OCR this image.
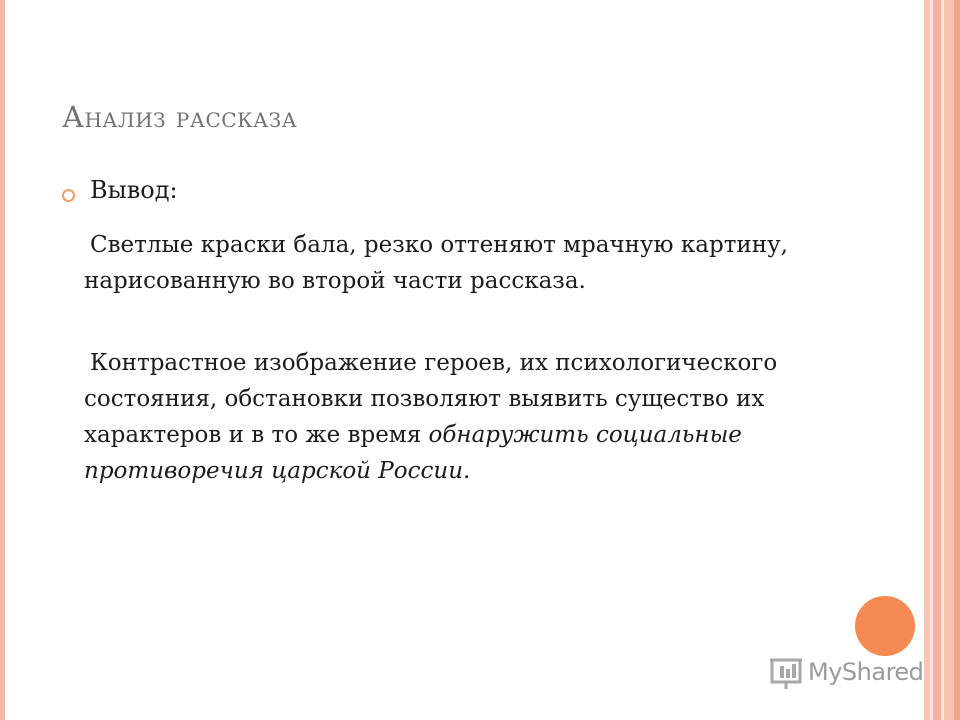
Анализ рассказа
Вывод:
Светлые краски бала, резко оттеняют мрачную картину, нарисованную во второй части рассказа.
Контрастное изображение героев, их психологического состояния, обстановки позволяют выявить существо их характеров и в то же время обнаружить социальные противоречия царской России.
MyShared
